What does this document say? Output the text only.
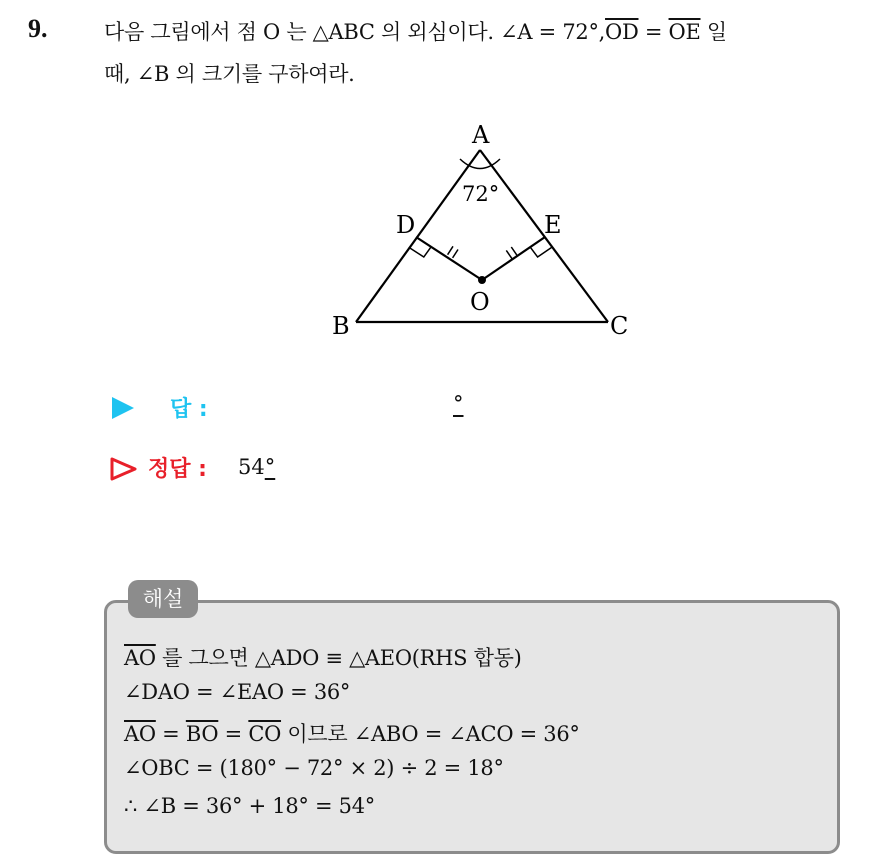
9.	다음 그림에서 점 O 는 △ABC 의 외심이다. ∠A = $72^\circ,\overline{OD} = \overline{OE}$ 일
때, ∠B 의 크기를 구하여라.
A
B	C
D	E
O
72°
답 :	°
정답 : 54°
해설
$\overline{AO}$ 를 그으면 △ADO ≡ △AEO(RHS 합동)
∠DAO = ∠EAO = 36°
$\overline{AO} = \overline{BO} = \overline{CO}$ 이므로 ∠ABO = ∠ACO = 36°
∠OBC = (180° − 72° × 2) ÷ 2 = 18°
∴ ∠B = 36° + 18° = 54°
